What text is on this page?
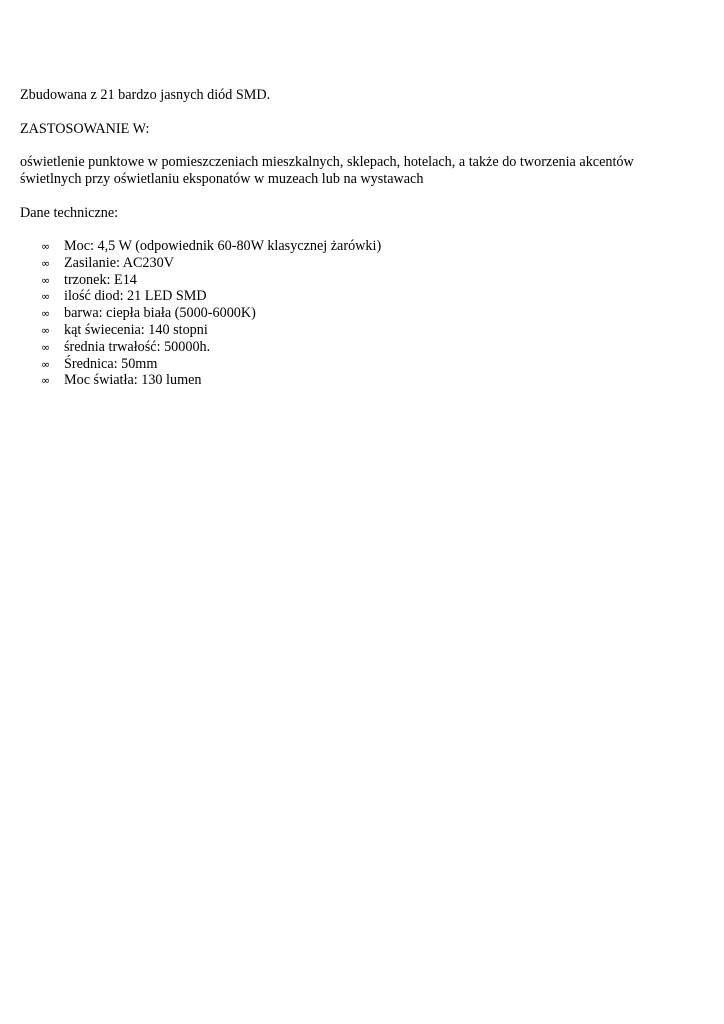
Zbudowana z 21 bardzo jasnych diód SMD.

ZASTOSOWANIE W:

oświetlenie punktowe w pomieszczeniach mieszkalnych, sklepach, hotelach, a także do tworzenia akcentów

świetlnych przy oświetlaniu eksponatów w muzeach lub na wystawach

Dane techniczne:

∞ Moc: 4,5 W (odpowiednik 60-80W klasycznej żarówki)
∞ Zasilanie: AC230V
∞ trzonek: E14
∞ ilość diod: 21 LED SMD
∞ barwa: ciepła biała (5000-6000K)
∞ kąt świecenia: 140 stopni
∞ średnia trwałość: 50000h.
∞ Średnica: 50mm
∞ Moc światła: 130 lumen
